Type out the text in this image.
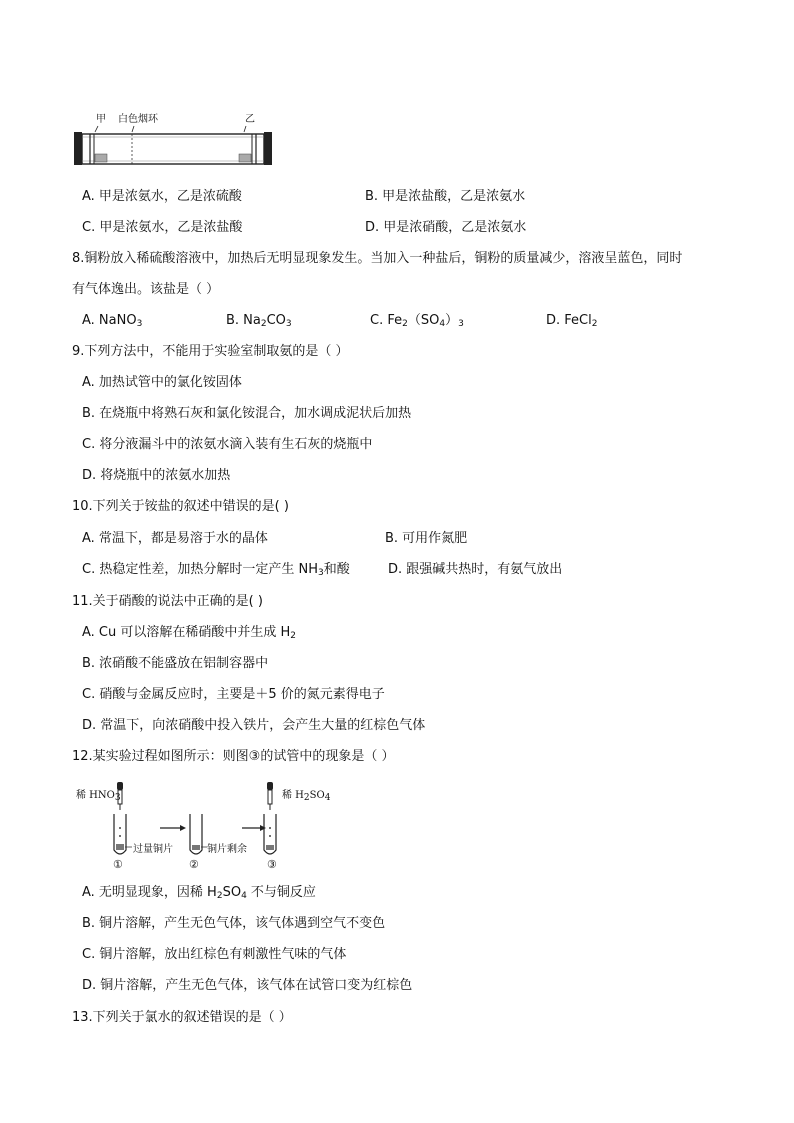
甲 白色烟环	乙
A. 甲是浓氨水，乙是浓硫酸	B. 甲是浓盐酸，乙是浓氨水
C. 甲是浓氨水，乙是浓盐酸	D. 甲是浓硝酸，乙是浓氨水
8.铜粉放入稀硫酸溶液中，加热后无明显现象发生。当加入一种盐后，铜粉的质量减少，溶液呈蓝色，同时
有气体逸出。该盐是（ ）
A. NaNO$_3$	B. $Na_2CO_3$	C. $Fe_2(SO_4)_3$	D. FeCl$_2$
9.下列方法中，不能用于实验室制取氨的是（ ）
A. 加热试管中的氯化铵固体
B. 在烧瓶中将熟石灰和氯化铵混合，加水调成泥状后加热
C. 将分液漏斗中的浓氨水滴入装有生石灰的烧瓶中
D. 将烧瓶中的浓氨水加热
10.下列关于铵盐的叙述中错误的是( )
A. 常温下，都是易溶于水的晶体	B. 可用作氮肥
C. 热稳定性差，加热分解时一定产生 $NH_3$和酸	D. 跟强碱共热时，有氨气放出
11.关于硝酸的说法中正确的是( )
A. Cu 可以溶解在稀硝酸中并生成 $H_2$
B. 浓硝酸不能盛放在铝制容器中
C. 硝酸与金属反应时，主要是＋5 价的氮元素得电子
D. 常温下，向浓硝酸中投入铁片，会产生大量的红棕色气体
12.某实验过程如图所示：则图③的试管中的现象是（ ）
稀 $HNO_3$	稀 $H_2SO_4$
过量铜片	铜片剩余
①	②	③
A. 无明显现象，因稀 $H_2SO_4$ 不与铜反应
B. 铜片溶解，产生无色气体，该气体遇到空气不变色
C. 铜片溶解，放出红棕色有刺激性气味的气体
D. 铜片溶解，产生无色气体，该气体在试管口变为红棕色
13.下列关于氯水的叙述错误的是（ ）
